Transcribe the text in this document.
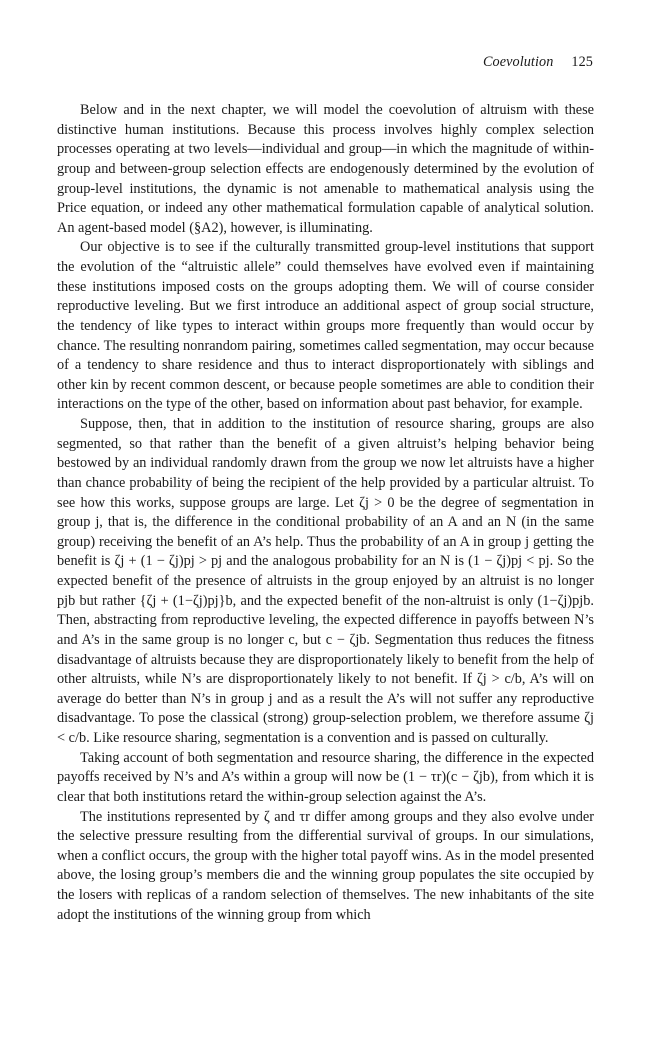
Coevolution 125

Below and in the next chapter, we will model the coevolution of altruism with these distinctive human institutions. Because this process involves highly complex selection processes operating at two levels—individual and group—in which the magnitude of within-group and between-group selection effects are endogenously determined by the evolution of group-level institutions, the dynamic is not amenable to mathematical analysis using the Price equation, or indeed any other mathematical formulation capable of analytical solution. An agent-based model (§A2), however, is illuminating.

Our objective is to see if the culturally transmitted group-level institutions that support the evolution of the “altruistic allele” could themselves have evolved even if maintaining these institutions imposed costs on the groups adopting them. We will of course consider reproductive leveling. But we first introduce an additional aspect of group social structure, the tendency of like types to interact within groups more frequently than would occur by chance. The resulting nonrandom pairing, sometimes called segmentation, may occur because of a tendency to share residence and thus to interact disproportionately with siblings and other kin by recent common descent, or because people sometimes are able to condition their interactions on the type of the other, based on information about past behavior, for example.

Suppose, then, that in addition to the institution of resource sharing, groups are also segmented, so that rather than the benefit of a given altruist’s helping behavior being bestowed by an individual randomly drawn from the group we now let altruists have a higher than chance probability of being the recipient of the help provided by a particular altruist. To see how this works, suppose groups are large. Let ζj > 0 be the degree of segmentation in group j, that is, the difference in the conditional probability of an A and an N (in the same group) receiving the benefit of an A’s help. Thus the probability of an A in group j getting the benefit is ζj + (1 − ζj)pj > pj and the analogous probability for an N is (1 − ζj)pj < pj. So the expected benefit of the presence of altruists in the group enjoyed by an altruist is no longer pjb but rather {ζj + (1−ζj)pj}b, and the expected benefit of the non-altruist is only (1−ζj)pjb. Then, abstracting from reproductive leveling, the expected difference in payoffs between N’s and A’s in the same group is no longer c, but c − ζjb. Segmentation thus reduces the fitness disadvantage of altruists because they are disproportionately likely to benefit from the help of other altruists, while N’s are disproportionately likely to not benefit. If ζj > c/b, A’s will on average do better than N’s in group j and as a result the A’s will not suffer any reproductive disadvantage. To pose the classical (strong) group-selection problem, we therefore assume ζj < c/b. Like resource sharing, segmentation is a convention and is passed on culturally.

Taking account of both segmentation and resource sharing, the difference in the expected payoffs received by N’s and A’s within a group will now be (1 − τr)(c − ζjb), from which it is clear that both institutions retard the within-group selection against the A’s.

The institutions represented by ζ and τr differ among groups and they also evolve under the selective pressure resulting from the differential survival of groups. In our simulations, when a conflict occurs, the group with the higher total payoff wins. As in the model presented above, the losing group’s members die and the winning group populates the site occupied by the losers with replicas of a random selection of themselves. The new inhabitants of the site adopt the institutions of the winning group from which
